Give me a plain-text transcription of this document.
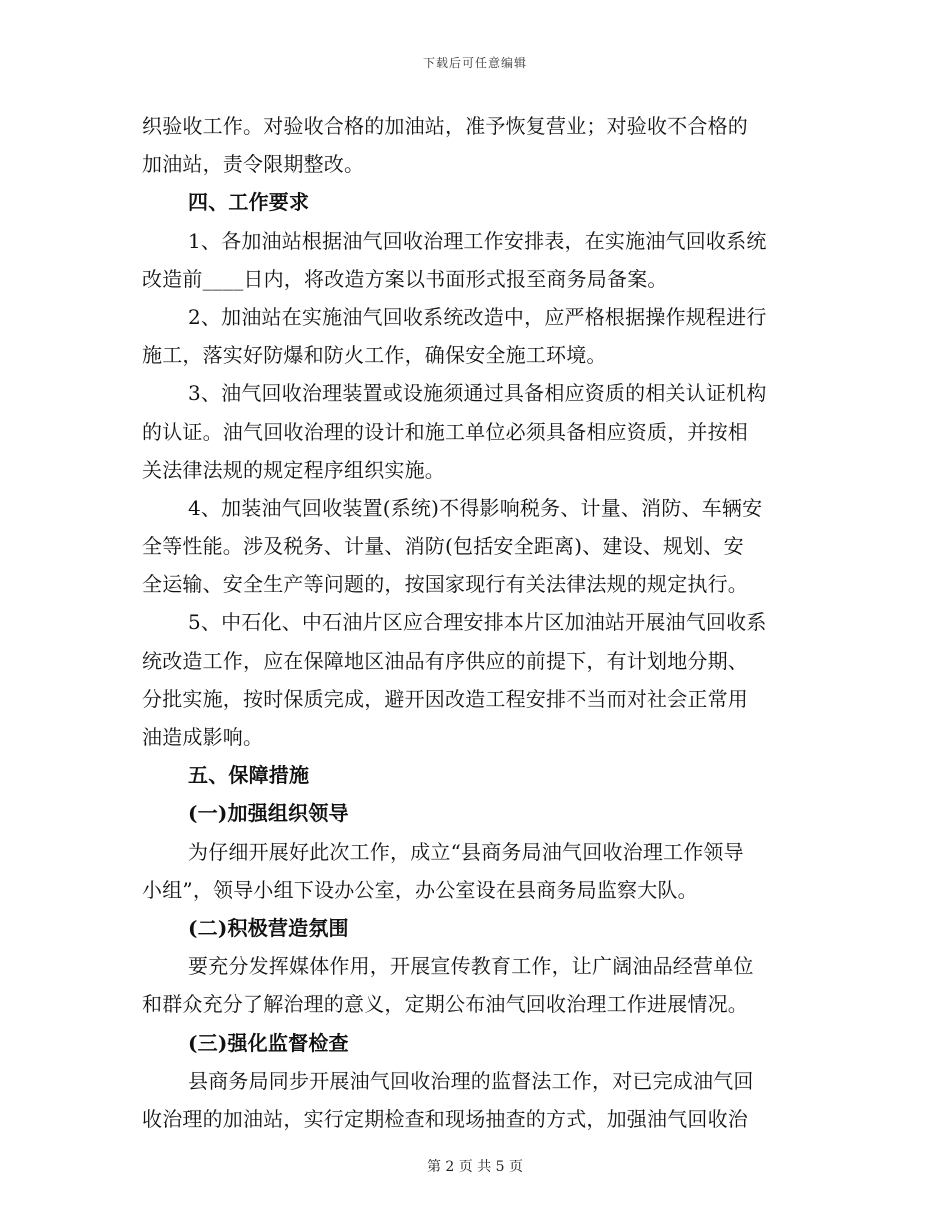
下载后可任意编辑
织验收工作。对验收合格的加油站，准予恢复营业；对验收不合格的
加油站，责令限期整改。
四、工作要求
1、各加油站根据油气回收治理工作安排表，在实施油气回收系统
改造前____日内，将改造方案以书面形式报至商务局备案。
2、加油站在实施油气回收系统改造中，应严格根据操作规程进行
施工，落实好防爆和防火工作，确保安全施工环境。
3、油气回收治理装置或设施须通过具备相应资质的相关认证机构
的认证。油气回收治理的设计和施工单位必须具备相应资质，并按相
关法律法规的规定程序组织实施。
4、加装油气回收装置(系统)不得影响税务、计量、消防、车辆安
全等性能。涉及税务、计量、消防(包括安全距离)、建设、规划、安
全运输、安全生产等问题的，按国家现行有关法律法规的规定执行。
5、中石化、中石油片区应合理安排本片区加油站开展油气回收系
统改造工作，应在保障地区油品有序供应的前提下，有计划地分期、
分批实施，按时保质完成，避开因改造工程安排不当而对社会正常用
油造成影响。
五、保障措施
(一)加强组织领导
为仔细开展好此次工作，成立“县商务局油气回收治理工作领导
小组”，领导小组下设办公室，办公室设在县商务局监察大队。
(二)积极营造氛围
要充分发挥媒体作用，开展宣传教育工作，让广阔油品经营单位
和群众充分了解治理的意义，定期公布油气回收治理工作进展情况。
(三)强化监督检查
县商务局同步开展油气回收治理的监督法工作，对已完成油气回
收治理的加油站，实行定期检查和现场抽查的方式，加强油气回收治
第 2 页 共 5 页
